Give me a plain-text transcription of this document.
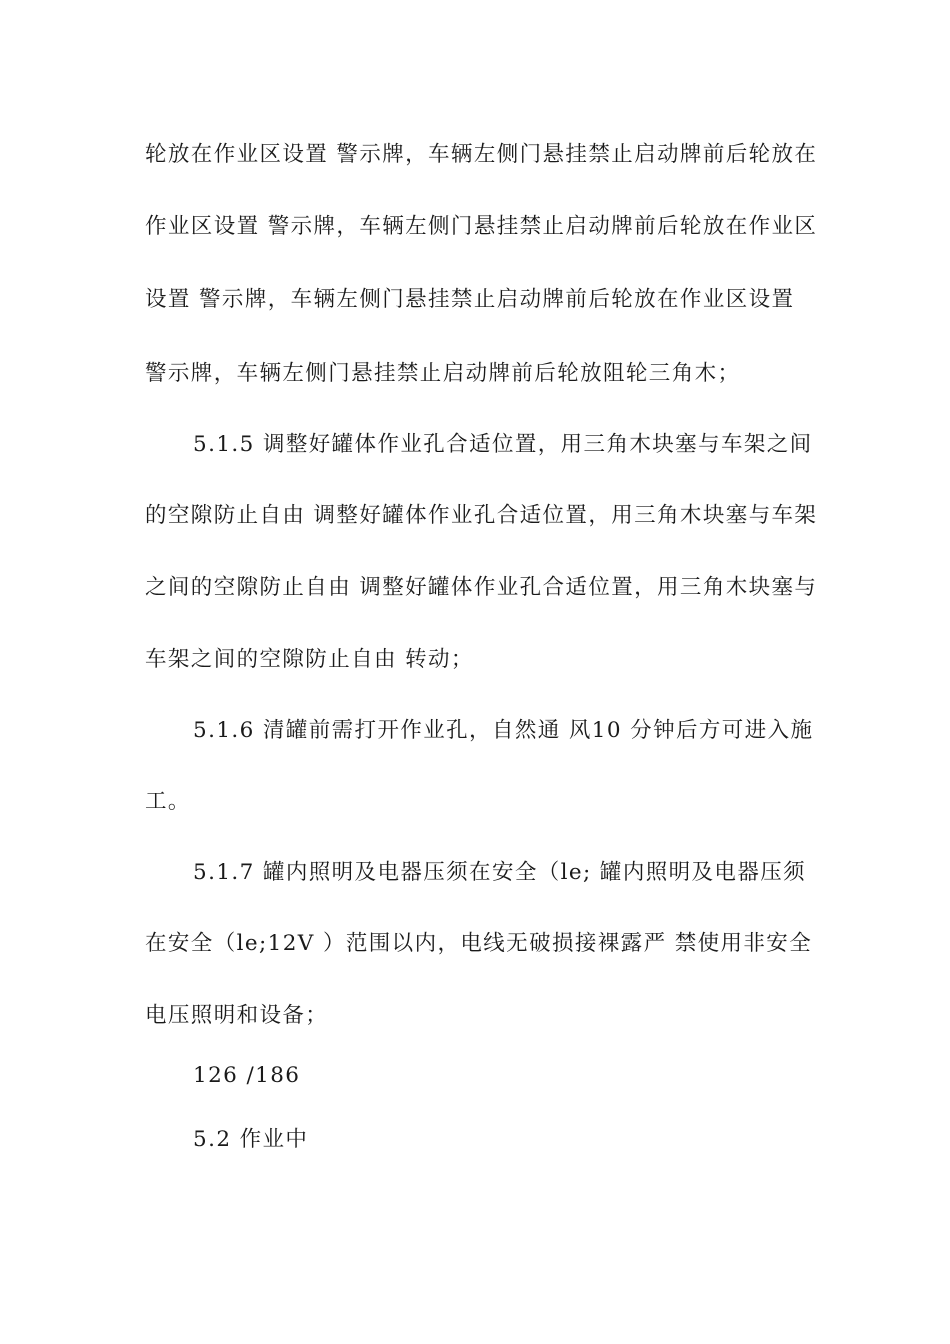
轮放在作业区设置 警示牌，车辆左侧门悬挂禁止启动牌前后轮放在
作业区设置 警示牌，车辆左侧门悬挂禁止启动牌前后轮放在作业区
设置 警示牌，车辆左侧门悬挂禁止启动牌前后轮放在作业区设置
警示牌，车辆左侧门悬挂禁止启动牌前后轮放阻轮三角木；
5.1.5 调整好罐体作业孔合适位置，用三角木块塞与车架之间
的空隙防止自由 调整好罐体作业孔合适位置，用三角木块塞与车架
之间的空隙防止自由 调整好罐体作业孔合适位置，用三角木块塞与
车架之间的空隙防止自由 转动；
5.1.6 清罐前需打开作业孔，自然通 风10 分钟后方可进入施
工。
5.1.7 罐内照明及电器压须在安全（le; 罐内照明及电器压须
在安全（le;12V ）范围以内，电线无破损接裸露严 禁使用非安全
电压照明和设备；
126 /186
5.2 作业中
